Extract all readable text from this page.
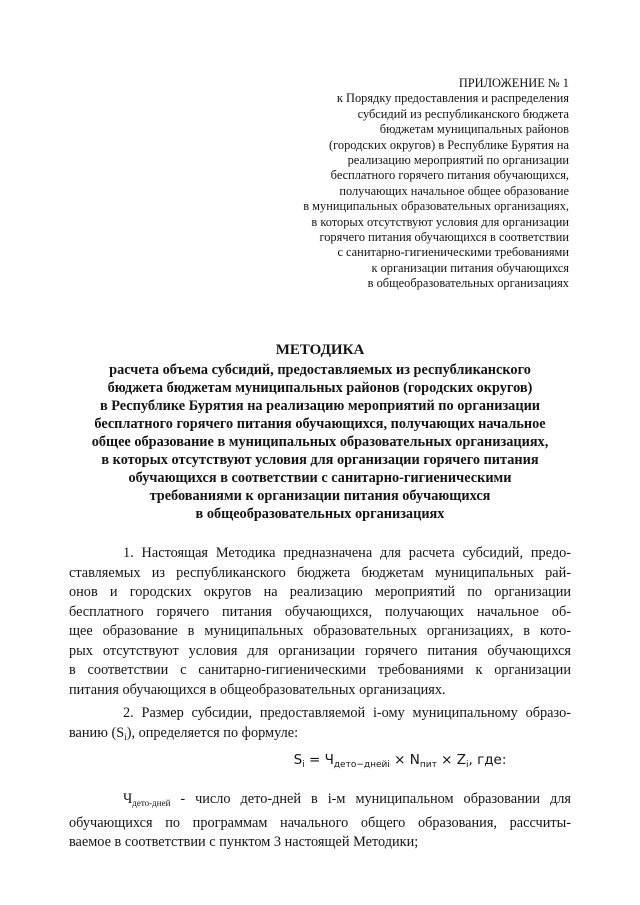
ПРИЛОЖЕНИЕ № 1
к Порядку предоставления и распределения
субсидий из республиканского бюджета
бюджетам муниципальных районов
(городских округов) в Республике Бурятия на
реализацию мероприятий по организации
бесплатного горячего питания обучающихся,
получающих начальное общее образование
в муниципальных образовательных организациях,
в которых отсутствуют условия для организации
горячего питания обучающихся в соответствии
с санитарно-гигиеническими требованиями
к организации питания обучающихся
в общеобразовательных организациях
МЕТОДИКА
расчета объема субсидий, предоставляемых из республиканского
бюджета бюджетам муниципальных районов (городских округов)
в Республике Бурятия на реализацию мероприятий по организации
бесплатного горячего питания обучающихся, получающих начальное
общее образование в муниципальных образовательных организациях,
в которых отсутствуют условия для организации горячего питания
обучающихся в соответствии с санитарно-гигиеническими
требованиями к организации питания обучающихся
в общеобразовательных организациях
1. Настоящая Методика предназначена для расчета субсидий, предо-
ставляемых из республиканского бюджета бюджетам муниципальных рай-
онов и городских округов на реализацию мероприятий по организации
бесплатного горячего питания обучающихся, получающих начальное об-
щее образование в муниципальных образовательных организациях, в кото-
рых отсутствуют условия для организации горячего питания обучающихся
в соответствии с санитарно-гигиеническими требованиями к организации
питания обучающихся в общеобразовательных организациях.
2. Размер субсидии, предоставляемой i-ому муниципальному образо-
ванию $(S_i)$, определяется по формуле:
$S_i = Ч_{дето-днейi} \times N_{пит} \times Z_i$, где:
$Ч_{дето-дней}$ - число дето-дней в i-м муниципальном образовании для
обучающихся по программам начального общего образования, рассчиты-
ваемое в соответствии с пунктом 3 настоящей Методики;
